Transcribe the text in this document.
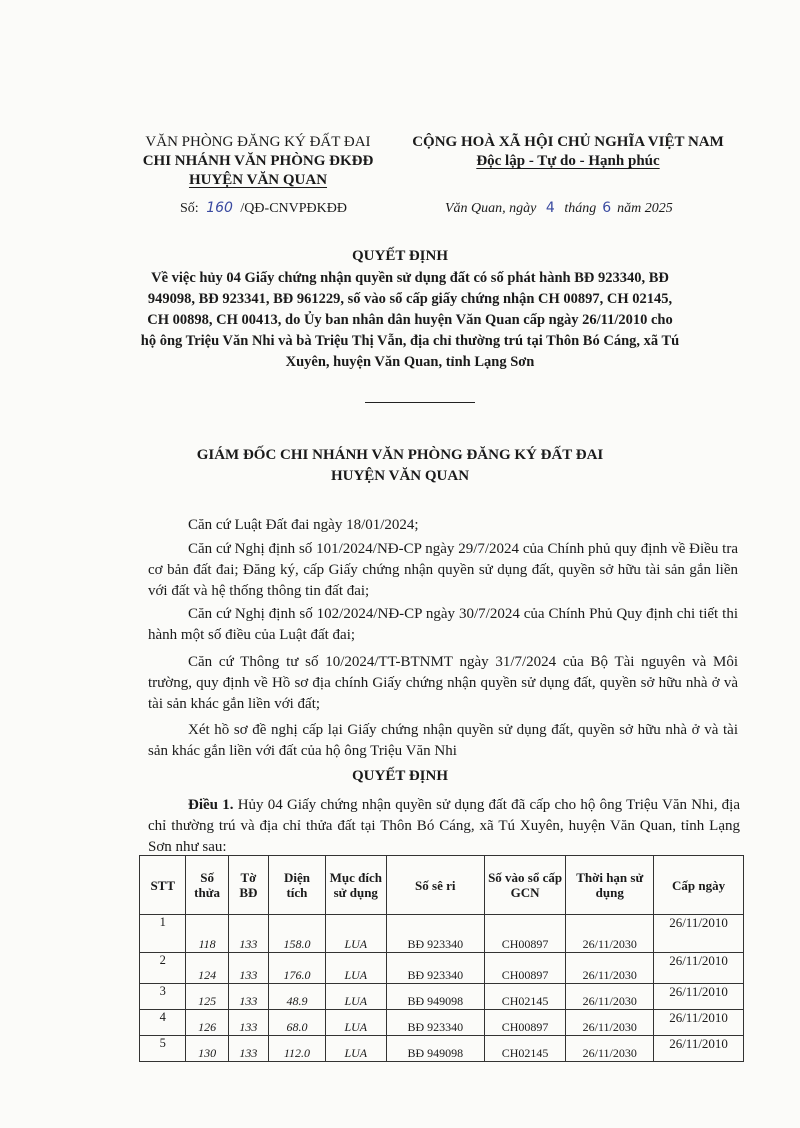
VĂN PHÒNG ĐĂNG KÝ ĐẤT ĐAI
CHI NHÁNH VĂN PHÒNG ĐKĐĐ
HUYỆN VĂN QUAN
CỘNG HOÀ XÃ HỘI CHỦ NGHĨA VIỆT NAM
Độc lập - Tự do - Hạnh phúc
Số: 160 /QĐ-CNVPĐKĐĐ	Văn Quan, ngày 4 tháng 6 năm 2025
QUYẾT ĐỊNH
Về việc hủy 04 Giấy chứng nhận quyền sử dụng đất có số phát hành BĐ 923340, BĐ 949098, BĐ 923341, BĐ 961229, số vào sổ cấp giấy chứng nhận CH 00897, CH 02145, CH 00898, CH 00413, do Ủy ban nhân dân huyện Văn Quan cấp ngày 26/11/2010 cho hộ ông Triệu Văn Nhi và bà Triệu Thị Vẫn, địa chỉ thường trú tại Thôn Bó Cáng, xã Tú Xuyên, huyện Văn Quan, tỉnh Lạng Sơn
GIÁM ĐỐC CHI NHÁNH VĂN PHÒNG ĐĂNG KÝ ĐẤT ĐAI
HUYỆN VĂN QUAN
Căn cứ Luật Đất đai ngày 18/01/2024;
Căn cứ Nghị định số 101/2024/NĐ-CP ngày 29/7/2024 của Chính phủ quy định về Điều tra cơ bản đất đai; Đăng ký, cấp Giấy chứng nhận quyền sử dụng đất, quyền sở hữu tài sản gắn liền với đất và hệ thống thông tin đất đai;
Căn cứ Nghị định số 102/2024/NĐ-CP ngày 30/7/2024 của Chính Phủ Quy định chi tiết thi hành một số điều của Luật đất đai;
Căn cứ Thông tư số 10/2024/TT-BTNMT ngày 31/7/2024 của Bộ Tài nguyên và Môi trường, quy định về Hồ sơ địa chính Giấy chứng nhận quyền sử dụng đất, quyền sở hữu nhà ở và tài sản khác gắn liền với đất;
Xét hồ sơ đề nghị cấp lại Giấy chứng nhận quyền sử dụng đất, quyền sở hữu nhà ở và tài sản khác gắn liền với đất của hộ ông Triệu Văn Nhi
QUYẾT ĐỊNH
Điều 1. Hủy 04 Giấy chứng nhận quyền sử dụng đất đã cấp cho hộ ông Triệu Văn Nhi, địa chỉ thường trú và địa chỉ thửa đất tại Thôn Bó Cáng, xã Tú Xuyên, huyện Văn Quan, tỉnh Lạng Sơn như sau:
STT	Số thửa	Tờ BĐ	Diện tích	Mục đích sử dụng	Số sê ri	Số vào sổ cấp GCN	Thời hạn sử dụng	Cấp ngày
1	118	133	158.0	LUA	BĐ 923340	CH00897	26/11/2030	26/11/2010
2	124	133	176.0	LUA	BĐ 923340	CH00897	26/11/2030	26/11/2010
3	125	133	48.9	LUA	BĐ 949098	CH02145	26/11/2030	26/11/2010
4	126	133	68.0	LUA	BĐ 923340	CH00897	26/11/2030	26/11/2010
5	130	133	112.0	LUA	BĐ 949098	CH02145	26/11/2030	26/11/2010
